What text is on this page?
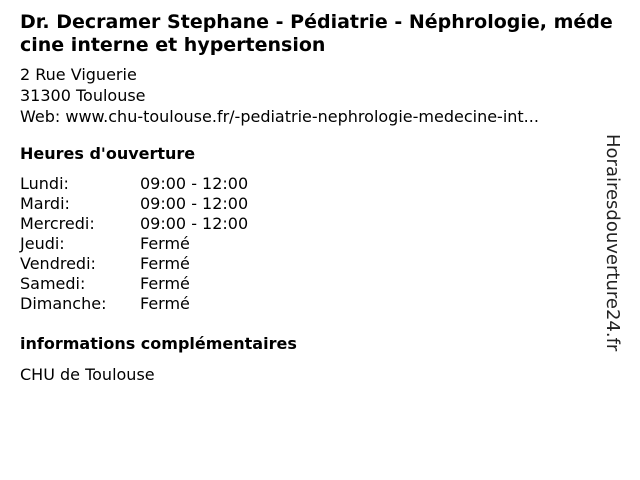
Dr. Decramer Stephane - Pédiatrie - Néphrologie, médecine interne et hypertension
2 Rue Viguerie
31300 Toulouse
Web: www.chu-toulouse.fr/-pediatrie-nephrologie-medecine-int...
Heures d'ouverture
Lundi:	09:00 - 12:00
Mardi:	09:00 - 12:00
Mercredi:	09:00 - 12:00
Jeudi:	Fermé
Vendredi:	Fermé
Samedi:	Fermé
Dimanche: Fermé
informations complémentaires
CHU de Toulouse
Horairesdouverture24.fr
